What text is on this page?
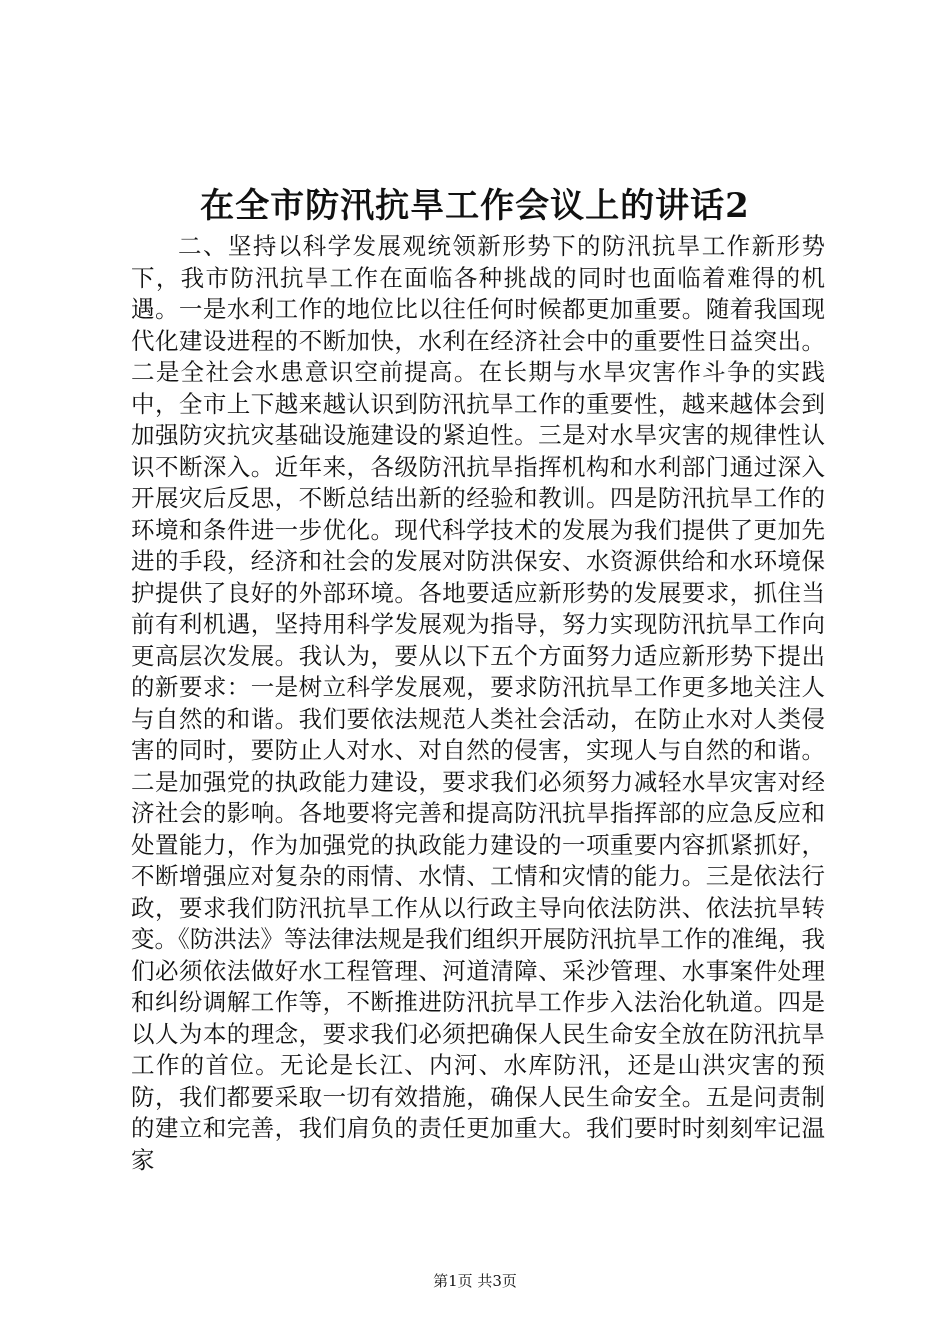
在全市防汛抗旱工作会议上的讲话2

二、坚持以科学发展观统领新形势下的防汛抗旱工作新形势下，我市防汛抗旱工作在面临各种挑战的同时也面临着难得的机遇。一是水利工作的地位比以往任何时候都更加重要。随着我国现代化建设进程的不断加快，水利在经济社会中的重要性日益突出。二是全社会水患意识空前提高。在长期与水旱灾害作斗争的实践中，全市上下越来越认识到防汛抗旱工作的重要性，越来越体会到加强防灾抗灾基础设施建设的紧迫性。三是对水旱灾害的规律性认识不断深入。近年来，各级防汛抗旱指挥机构和水利部门通过深入开展灾后反思，不断总结出新的经验和教训。四是防汛抗旱工作的环境和条件进一步优化。现代科学技术的发展为我们提供了更加先进的手段，经济和社会的发展对防洪保安、水资源供给和水环境保护提供了良好的外部环境。各地要适应新形势的发展要求，抓住当前有利机遇，坚持用科学发展观为指导，努力实现防汛抗旱工作向更高层次发展。我认为，要从以下五个方面努力适应新形势下提出的新要求：一是树立科学发展观，要求防汛抗旱工作更多地关注人与自然的和谐。我们要依法规范人类社会活动，在防止水对人类侵害的同时，要防止人对水、对自然的侵害，实现人与自然的和谐。二是加强党的执政能力建设，要求我们必须努力减轻水旱灾害对经济社会的影响。各地要将完善和提高防汛抗旱指挥部的应急反应和处置能力，作为加强党的执政能力建设的一项重要内容抓紧抓好，不断增强应对复杂的雨情、水情、工情和灾情的能力。三是依法行政，要求我们防汛抗旱工作从以行政主导向依法防洪、依法抗旱转变。《防洪法》等法律法规是我们组织开展防汛抗旱工作的准绳，我们必须依法做好水工程管理、河道清障、采沙管理、水事案件处理和纠纷调解工作等，不断推进防汛抗旱工作步入法治化轨道。四是以人为本的理念，要求我们必须把确保人民生命安全放在防汛抗旱工作的首位。无论是长江、内河、水库防汛，还是山洪灾害的预防，我们都要采取一切有效措施，确保人民生命安全。五是问责制的建立和完善，我们肩负的责任更加重大。我们要时时刻刻牢记温家

第1页 共3页
